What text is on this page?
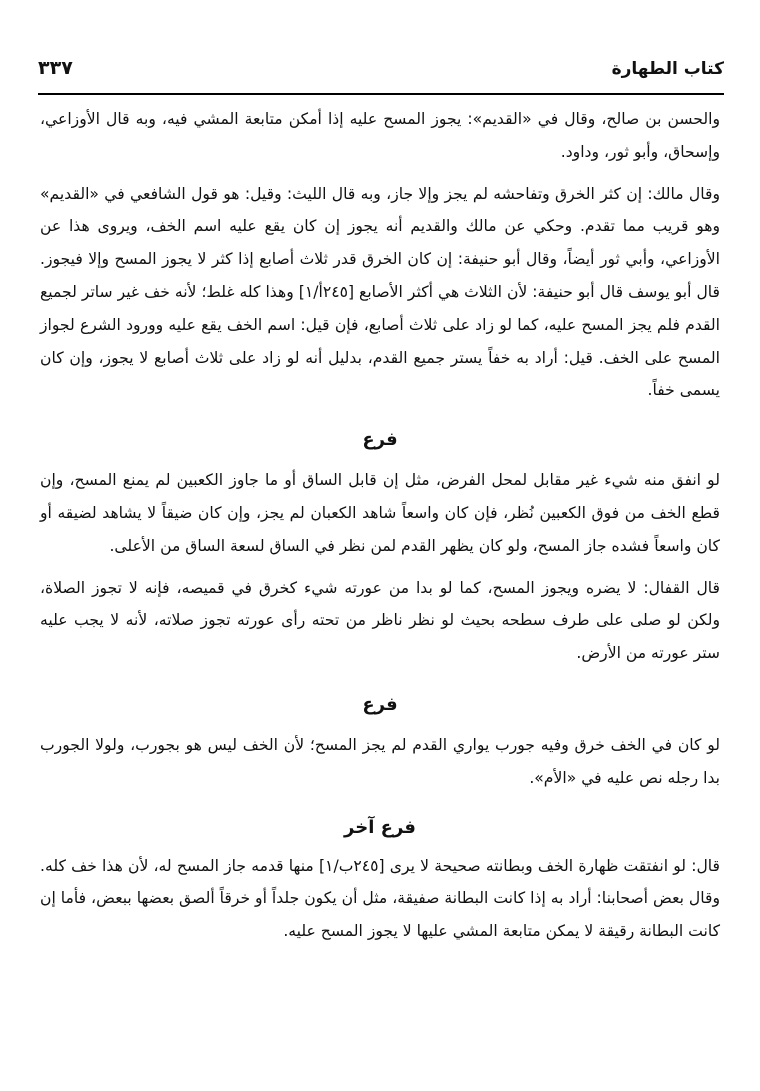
كتاب الطهارة
٣٣٧

والحسن بن صالح، وقال في «القديم»: يجوز المسح عليه إذا أمكن متابعة المشي فيه، وبه قال الأوزاعي، وإسحاق، وأبو ثور، وداود.

وقال مالك: إن كثر الخرق وتفاحشه لم يجز وإلا جاز، وبه قال الليث: وقيل: هو قول الشافعي في «القديم» وهو قريب مما تقدم. وحكي عن مالك والقديم أنه يجوز إن كان يقع عليه اسم الخف، ويروى هذا عن الأوزاعي، وأبي ثور أيضاً، وقال أبو حنيفة: إن كان الخرق قدر ثلاث أصابع إذا كثر لا يجوز المسح وإلا فيجوز. قال أبو يوسف قال أبو حنيفة: لأن الثلاث هي أكثر الأصابع [٢٤٥أ/١] وهذا كله غلط؛ لأنه خف غير ساتر لجميع القدم فلم يجز المسح عليه، كما لو زاد على ثلاث أصابع، فإن قيل: اسم الخف يقع عليه وورود الشرع لجواز المسح على الخف. قيل: أراد به خفاً يستر جميع القدم، بدليل أنه لو زاد على ثلاث أصابع لا يجوز، وإن كان يسمى خفاً.

فرع

لو انفق منه شيء غير مقابل لمحل الفرض، مثل إن قابل الساق أو ما جاوز الكعبين لم يمنع المسح، وإن قطع الخف من فوق الكعبين نُظر، فإن كان واسعاً شاهد الكعبان لم يجز، وإن كان ضيقاً لا يشاهد لضيقه أو كان واسعاً فشده جاز المسح، ولو كان يظهر القدم لمن نظر في الساق لسعة الساق من الأعلى.

قال القفال: لا يضره ويجوز المسح، كما لو بدا من عورته شيء كخرق في قميصه، فإنه لا تجوز الصلاة، ولكن لو صلى على طرف سطحه بحيث لو نظر ناظر من تحته رأى عورته تجوز صلاته، لأنه لا يجب عليه ستر عورته من الأرض.

فرع

لو كان في الخف خرق وفيه جورب يواري القدم لم يجز المسح؛ لأن الخف ليس هو بجورب، ولولا الجورب بدا رجله نص عليه في «الأم».

فرع آخر

قال: لو انفتقت ظهارة الخف وبطانته صحيحة لا يرى [٢٤٥ب/١] منها قدمه جاز المسح له، لأن هذا خف كله. وقال بعض أصحابنا: أراد به إذا كانت البطانة صفيقة، مثل أن يكون جلداً أو خرقاً ألصق بعضها ببعض، فأما إن كانت البطانة رقيقة لا يمكن متابعة المشي عليها لا يجوز المسح عليه.
